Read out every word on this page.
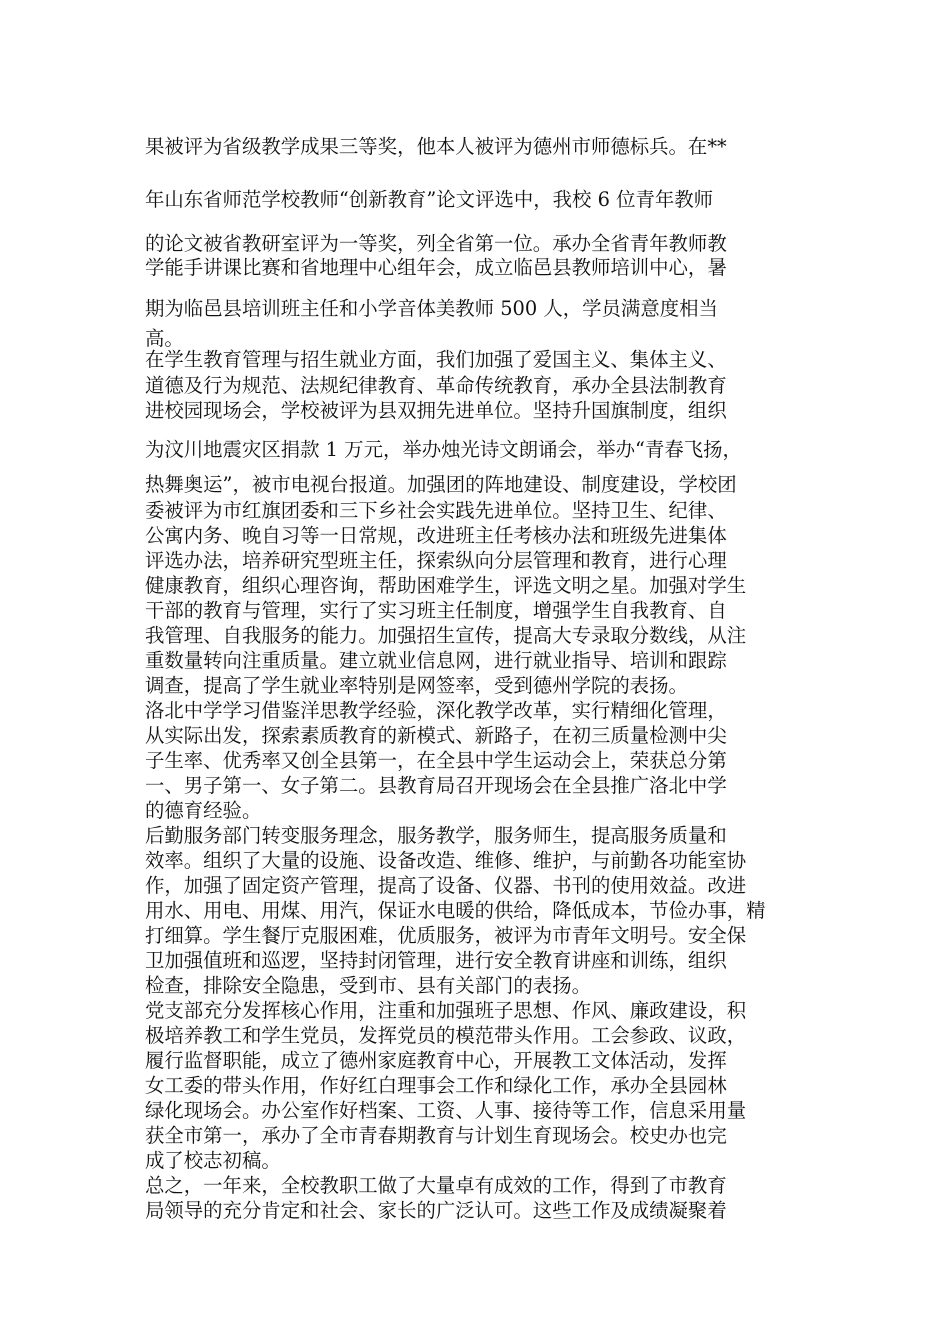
果被评为省级教学成果三等奖，他本人被评为德州市师德标兵。在**
年山东省师范学校教师“创新教育”论文评选中，我校 6 位青年教师
的论文被省教研室评为一等奖，列全省第一位。承办全省青年教师教
学能手讲课比赛和省地理中心组年会，成立临邑县教师培训中心，暑
期为临邑县培训班主任和小学音体美教师 500 人，学员满意度相当
高。
在学生教育管理与招生就业方面，我们加强了爱国主义、集体主义、
道德及行为规范、法规纪律教育、革命传统教育，承办全县法制教育
进校园现场会，学校被评为县双拥先进单位。坚持升国旗制度，组织
为汶川地震灾区捐款 1 万元，举办烛光诗文朗诵会，举办“青春飞扬，
热舞奥运”，被市电视台报道。加强团的阵地建设、制度建设，学校团
委被评为市红旗团委和三下乡社会实践先进单位。坚持卫生、纪律、
公寓内务、晚自习等一日常规，改进班主任考核办法和班级先进集体
评选办法，培养研究型班主任，探索纵向分层管理和教育，进行心理
健康教育，组织心理咨询，帮助困难学生，评选文明之星。加强对学生
干部的教育与管理，实行了实习班主任制度，增强学生自我教育、自
我管理、自我服务的能力。加强招生宣传，提高大专录取分数线，从注
重数量转向注重质量。建立就业信息网，进行就业指导、培训和跟踪
调查，提高了学生就业率特别是网签率，受到德州学院的表扬。
洛北中学学习借鉴洋思教学经验，深化教学改革，实行精细化管理，
从实际出发，探索素质教育的新模式、新路子，在初三质量检测中尖
子生率、优秀率又创全县第一，在全县中学生运动会上，荣获总分第
一、男子第一、女子第二。县教育局召开现场会在全县推广洛北中学
的德育经验。
后勤服务部门转变服务理念，服务教学，服务师生，提高服务质量和
效率。组织了大量的设施、设备改造、维修、维护，与前勤各功能室协
作，加强了固定资产管理，提高了设备、仪器、书刊的使用效益。改进
用水、用电、用煤、用汽，保证水电暖的供给，降低成本，节俭办事，精
打细算。学生餐厅克服困难，优质服务，被评为市青年文明号。安全保
卫加强值班和巡逻，坚持封闭管理，进行安全教育讲座和训练，组织
检查，排除安全隐患，受到市、县有关部门的表扬。
党支部充分发挥核心作用，注重和加强班子思想、作风、廉政建设，积
极培养教工和学生党员，发挥党员的模范带头作用。工会参政、议政，
履行监督职能，成立了德州家庭教育中心，开展教工文体活动，发挥
女工委的带头作用，作好红白理事会工作和绿化工作，承办全县园林
绿化现场会。办公室作好档案、工资、人事、接待等工作，信息采用量
获全市第一，承办了全市青春期教育与计划生育现场会。校史办也完
成了校志初稿。
总之，一年来，全校教职工做了大量卓有成效的工作，得到了市教育
局领导的充分肯定和社会、家长的广泛认可。这些工作及成绩凝聚着
